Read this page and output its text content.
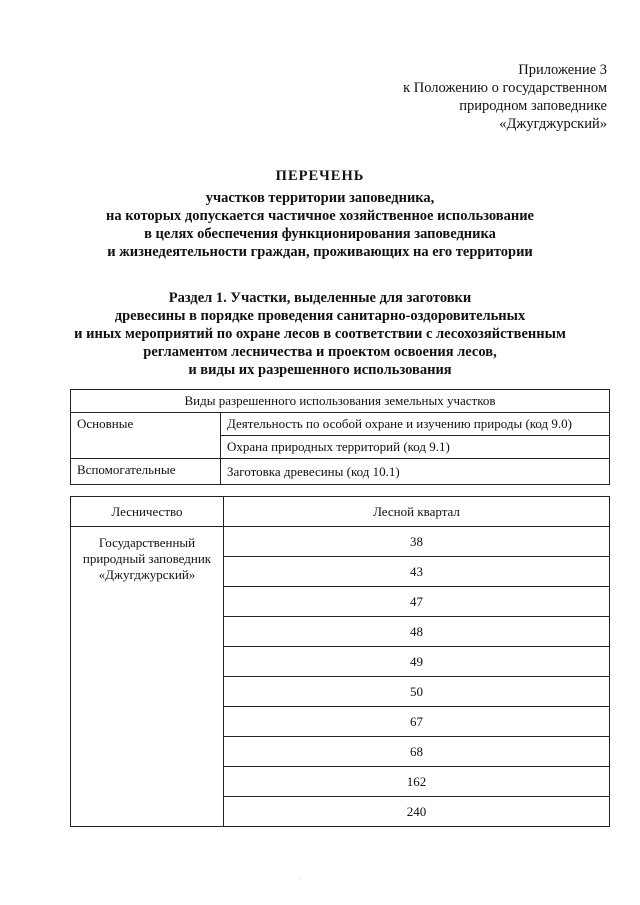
Приложение 3
к Положению о государственном
природном заповеднике
«Джугджурский»
ПЕРЕЧЕНЬ
участков территории заповедника,
на которых допускается частичное хозяйственное использование
в целях обеспечения функционирования заповедника
и жизнедеятельности граждан, проживающих на его территории
Раздел 1. Участки, выделенные для заготовки
древесины в порядке проведения санитарно-оздоровительных
и иных мероприятий по охране лесов в соответствии с лесохозяйственным
регламентом лесничества и проектом освоения лесов,
и виды их разрешенного использования
Виды разрешенного использования земельных участков	
Основные	Деятельность по особой охране и изучению природы (код 9.0)
	Охрана природных территорий (код 9.1)
Вспомогательные	Заготовка древесины (код 10.1)
Лесничество	Лесной квартал

Государственный
природный заповедник
«Джугджурский»	38
	43
	47
	48
	49
	50
	67
	68
	162
	240
.
